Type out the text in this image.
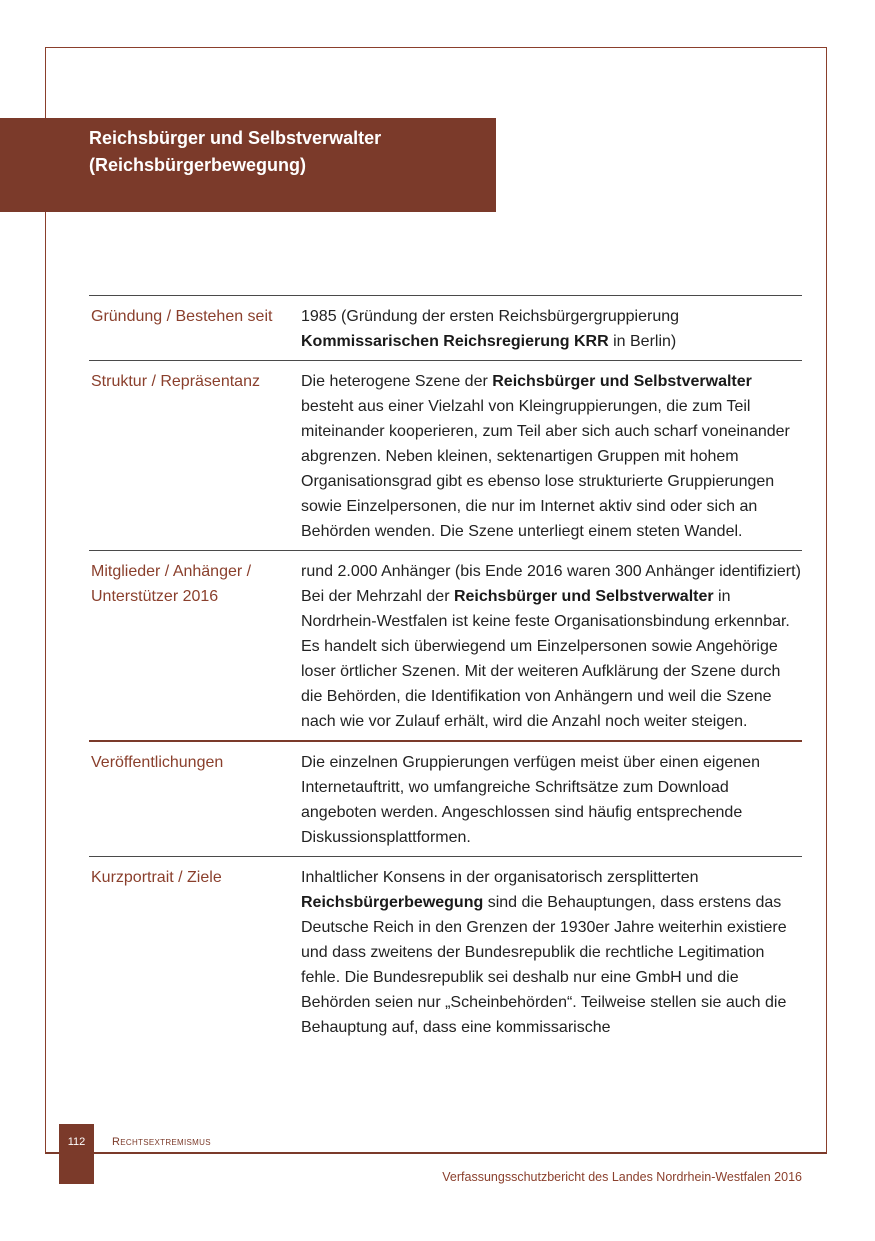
Reichsbürger und Selbstverwalter
(Reichsbürgerbewegung)
Gründung / Bestehen seit	1985 (Gründung der ersten Reichsbürgergruppierung
Kommissarischen Reichsregierung KRR in Berlin)
Struktur / Repräsentanz	Die heterogene Szene der Reichsbürger und Selbstverwalter besteht aus einer Vielzahl von Kleingruppierungen, die zum Teil miteinander kooperieren, zum Teil aber sich auch scharf voneinander abgrenzen. Neben kleinen, sektenartigen Gruppen mit hohem Organisationsgrad gibt es ebenso lose strukturierte Gruppierungen sowie Einzelpersonen, die nur im Internet aktiv sind oder sich an Behörden wenden. Die Szene unterliegt einem steten Wandel.
Mitglieder / Anhänger / Unterstützer 2016	rund 2.000 Anhänger (bis Ende 2016 waren 300 Anhänger identifiziert)
Bei der Mehrzahl der Reichsbürger und Selbstverwalter in Nordrhein-Westfalen ist keine feste Organisationsbindung erkennbar. Es handelt sich überwiegend um Einzelpersonen sowie Angehörige loser örtlicher Szenen. Mit der weiteren Aufklärung der Szene durch die Behörden, die Identifikation von Anhängern und weil die Szene nach wie vor Zulauf erhält, wird die Anzahl noch weiter steigen.
Veröffentlichungen	Die einzelnen Gruppierungen verfügen meist über einen eigenen Internetauftritt, wo umfangreiche Schriftsätze zum Download angeboten werden. Angeschlossen sind häufig entsprechende Diskussionsplattformen.
Kurzportrait / Ziele	Inhaltlicher Konsens in der organisatorisch zersplitterten Reichsbürgerbewegung sind die Behauptungen, dass erstens das Deutsche Reich in den Grenzen der 1930er Jahre weiterhin existiere und dass zweitens der Bundesrepublik die rechtliche Legitimation fehle. Die Bundesrepublik sei deshalb nur eine GmbH und die Behörden seien nur „Scheinbehörden“. Teilweise stellen sie auch die Behauptung auf, dass eine kommissarische
112	Rechtsextremismus
Verfassungsschutzbericht des Landes Nordrhein-Westfalen 2016
